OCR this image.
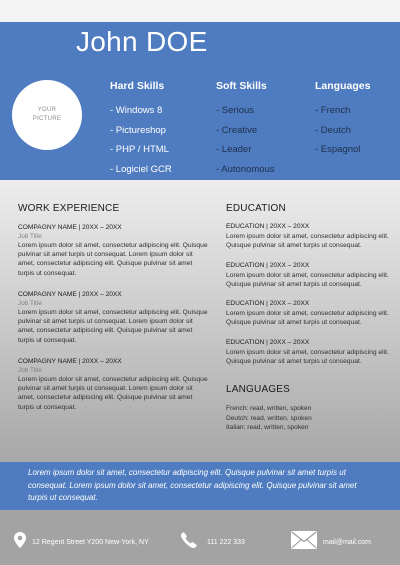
John DOE
YOUR
PICTURE
Hard Skills
- Windows 8
- Pictureshop
- PHP / HTML
- Logiciel GCR
Soft Skills
- Serious
- Creative
- Leader
- Autonomous
Languages
- French
- Deutch
- Espagnol
WORK EXPERIENCE
COMPAGNY NAME | 20XX – 20XX
Job Title
Lorem ipsum dolor sit amet, consectetur adipiscing elit. Quisque pulvinar sit amet turpis ut consequat. Lorem ipsum dolor sit amet, consectetur adipiscing elit. Quisque pulvinar sit amet turpis ut consequat.
COMPAGNY NAME | 20XX – 20XX
Job Title
Lorem ipsum dolor sit amet, consectetur adipiscing elit. Quisque pulvinar sit amet turpis ut consequat. Lorem ipsum dolor sit amet, consectetur adipiscing elit. Quisque pulvinar sit amet turpis ut consequat.
COMPAGNY NAME | 20XX – 20XX
Job Title
Lorem ipsum dolor sit amet, consectetur adipiscing elit. Quisque pulvinar sit amet turpis ut consequat. Lorem ipsum dolor sit amet, consectetur adipiscing elit. Quisque pulvinar sit amet turpis ut consequat.
EDUCATION
EDUCATION | 20XX – 20XX
Lorem ipsum dolor sit amet, consectetur adipiscing elit. Quisque pulvinar sit amet turpis ut consequat.
EDUCATION | 20XX – 20XX
Lorem ipsum dolor sit amet, consectetur adipiscing elit. Quisque pulvinar sit amet turpis ut consequat.
EDUCATION | 20XX – 20XX
Lorem ipsum dolor sit amet, consectetur adipiscing elit. Quisque pulvinar sit amet turpis ut consequat.
EDUCATION | 20XX – 20XX
Lorem ipsum dolor sit amet, consectetur adipiscing elit. Quisque pulvinar sit amet turpis ut consequat.
LANGUAGES
French: read, written, spoken
Deutch: read, written, spoken
Italian: read, written, spoken

Lorem ipsum dolor sit amet, consectetur adipiscing elit. Quisque pulvinar sit amet turpis ut consequat. Lorem ipsum dolor sit amet, consectetur adipiscing elit. Quisque pulvinar sit amet turpis ut consequat.

12 Regent Street Y200 New-York, NY	111 222 333	mail@mail.com
